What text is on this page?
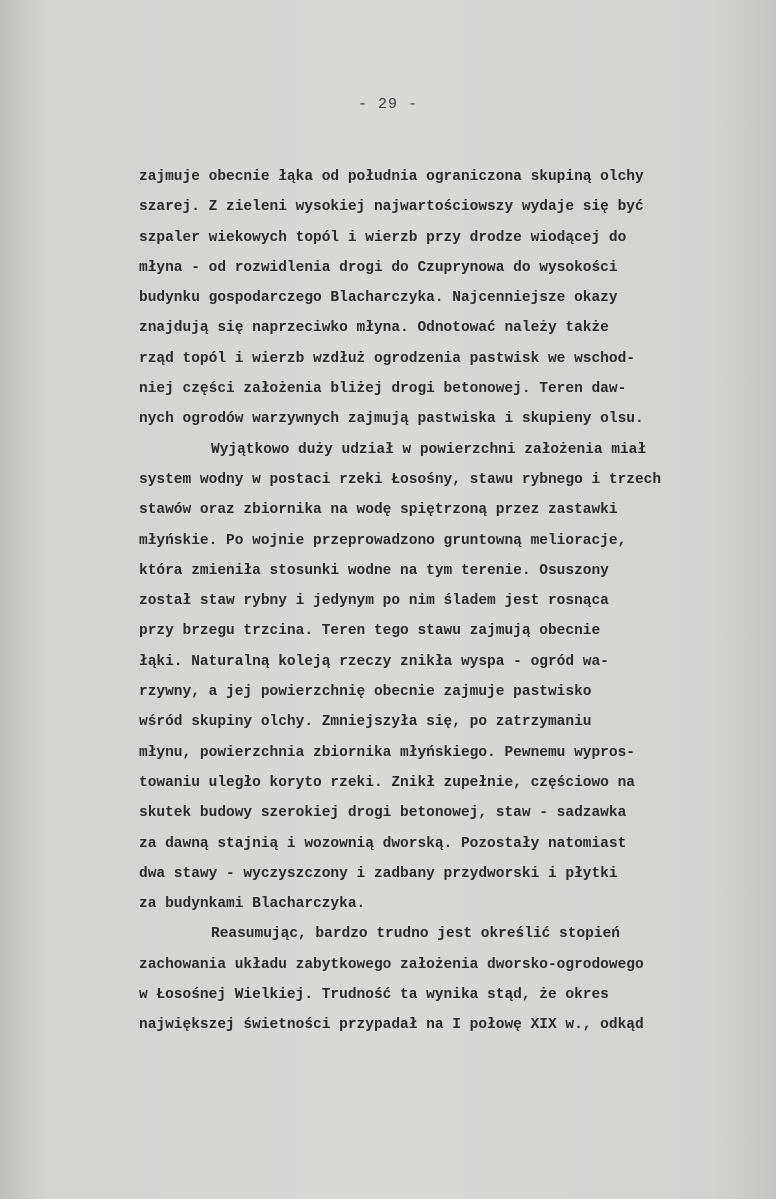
- 29 -
zajmuje obecnie łąka od południa ograniczona skupiną olchy
szarej. Z zieleni wysokiej najwartościowszy wydaje się być
szpaler wiekowych topól i wierzb przy drodze wiodącej do
młyna - od rozwidlenia drogi do Czuprynowa do wysokości
budynku gospodarczego Blacharczyka. Najcenniejsze okazy
znajdują się naprzeciwko młyna. Odnotować należy także
rząd topól i wierzb wzdłuż ogrodzenia pastwisk we wschod-
niej części założenia bliżej drogi betonowej. Teren daw-
nych ogrodów warzywnych zajmują pastwiska i skupieny olsu.
Wyjątkowo duży udział w powierzchni założenia miał
system wodny w postaci rzeki Łosośny, stawu rybnego i trzech
stawów oraz zbiornika na wodę spiętrzoną przez zastawki
młyńskie. Po wojnie przeprowadzono gruntowną melioracje,
która zmieniła stosunki wodne na tym terenie. Osuszony
został staw rybny i jedynym po nim śladem jest rosnąca
przy brzegu trzcina. Teren tego stawu zajmują obecnie
łąki. Naturalną koleją rzeczy znikła wyspa - ogród wa-
rzywny, a jej powierzchnię obecnie zajmuje pastwisko
wśród skupiny olchy. Zmniejszyła się, po zatrzymaniu
młynu, powierzchnia zbiornika młyńskiego. Pewnemu wypros-
towaniu uległo koryto rzeki. Znikł zupełnie, częściowo na
skutek budowy szerokiej drogi betonowej, staw - sadzawka
za dawną stajnią i wozownią dworską. Pozostały natomiast
dwa stawy - wyczyszczony i zadbany przydworski i płytki
za budynkami Blacharczyka.
Reasumując, bardzo trudno jest określić stopień
zachowania układu zabytkowego założenia dworsko-ogrodowego
w Łosośnej Wielkiej. Trudność ta wynika stąd, że okres
największej świetności przypadał na I połowę XIX w., odkąd
